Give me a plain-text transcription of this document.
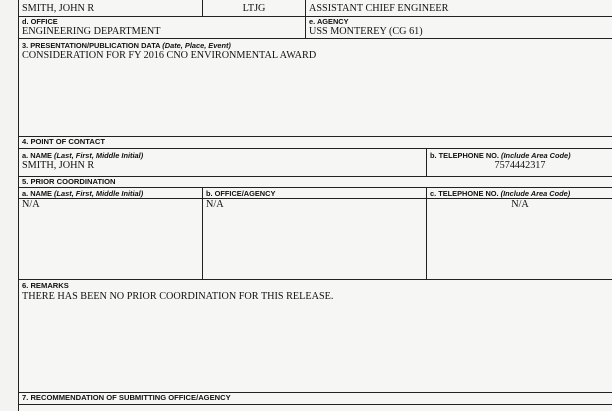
SMITH, JOHN R	LTJG	ASSISTANT CHIEF ENGINEER
d. OFFICE
ENGINEERING DEPARTMENT
e. AGENCY
USS MONTEREY (CG 61)
3. PRESENTATION/PUBLICATION DATA (Date, Place, Event)
CONSIDERATION FOR FY 2016 CNO ENVIRONMENTAL AWARD
4. POINT OF CONTACT
a. NAME (Last, First, Middle Initial)
SMITH, JOHN R
b. TELEPHONE NO. (Include Area Code)
7574442317
5. PRIOR COORDINATION
a. NAME (Last, First, Middle Initial)
N/A
b. OFFICE/AGENCY
N/A
c. TELEPHONE NO. (Include Area Code)
N/A
6. REMARKS
THERE HAS BEEN NO PRIOR COORDINATION FOR THIS RELEASE.
7. RECOMMENDATION OF SUBMITTING OFFICE/AGENCY
